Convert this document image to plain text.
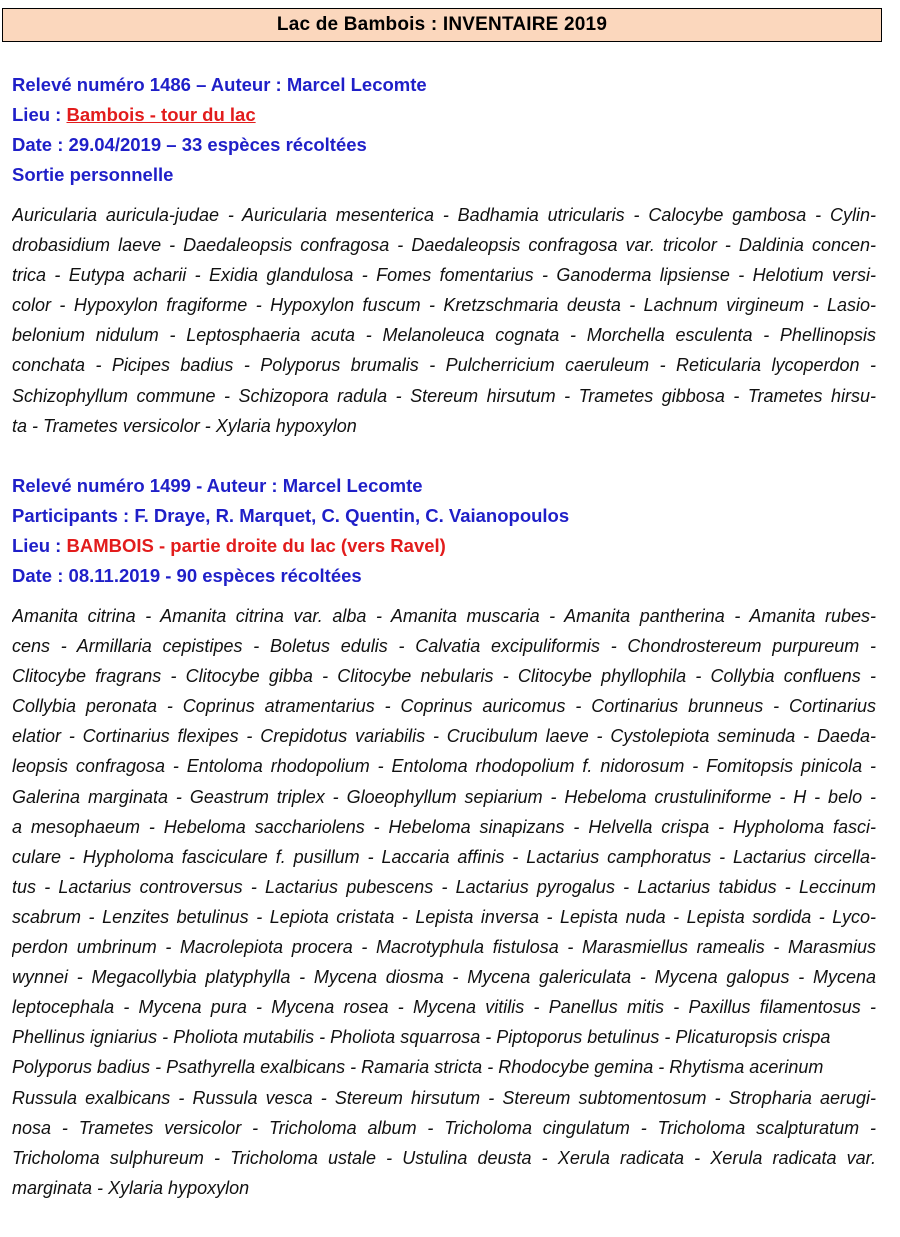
Lac de Bambois : INVENTAIRE 2019
Relevé numéro 1486 – Auteur : Marcel Lecomte
Lieu : Bambois - tour du lac
Date : 29.04/2019 – 33 espèces récoltées
Sortie personnelle
Auricularia auricula-judae - Auricularia mesenterica - Badhamia utricularis - Calocybe gambosa - Cylin-
drobasidium laeve - Daedaleopsis confragosa - Daedaleopsis confragosa var. tricolor - Daldinia concen-
trica - Eutypa acharii - Exidia glandulosa - Fomes fomentarius - Ganoderma lipsiense - Helotium versi-
color - Hypoxylon fragiforme - Hypoxylon fuscum - Kretzschmaria deusta - Lachnum virgineum - Lasio-
belonium nidulum - Leptosphaeria acuta - Melanoleuca cognata - Morchella esculenta - Phellinopsis
conchata - Picipes badius - Polyporus brumalis - Pulcherricium caeruleum - Reticularia lycoperdon -
Schizophyllum commune - Schizopora radula - Stereum hirsutum - Trametes gibbosa - Trametes hirsu-
ta - Trametes versicolor - Xylaria hypoxylon
Relevé numéro 1499 - Auteur : Marcel Lecomte
Participants : F. Draye, R. Marquet, C. Quentin, C. Vaianopoulos
Lieu : BAMBOIS - partie droite du lac (vers Ravel)
Date : 08.11.2019 - 90 espèces récoltées
Amanita citrina - Amanita citrina var. alba - Amanita muscaria - Amanita pantherina - Amanita rubes-
cens - Armillaria cepistipes - Boletus edulis - Calvatia excipuliformis - Chondrostereum purpureum -
Clitocybe fragrans - Clitocybe gibba - Clitocybe nebularis - Clitocybe phyllophila - Collybia confluens -
Collybia peronata - Coprinus atramentarius - Coprinus auricomus - Cortinarius brunneus - Cortinarius
elatior - Cortinarius flexipes - Crepidotus variabilis - Crucibulum laeve - Cystolepiota seminuda - Daeda-
leopsis confragosa - Entoloma rhodopolium - Entoloma rhodopolium f. nidorosum - Fomitopsis pinicola -
Galerina marginata - Geastrum triplex - Gloeophyllum sepiarium - Hebeloma crustuliniforme - H - belo -
a mesophaeum - Hebeloma sacchariolens - Hebeloma sinapizans - Helvella crispa - Hypholoma fasci-
culare - Hypholoma fasciculare f. pusillum - Laccaria affinis - Lactarius camphoratus - Lactarius circella-
tus - Lactarius controversus - Lactarius pubescens - Lactarius pyrogalus - Lactarius tabidus - Leccinum
scabrum - Lenzites betulinus - Lepiota cristata - Lepista inversa - Lepista nuda - Lepista sordida - Lyco-
perdon umbrinum - Macrolepiota procera - Macrotyphula fistulosa - Marasmiellus ramealis - Marasmius
wynnei - Megacollybia platyphylla - Mycena diosma - Mycena galericulata - Mycena galopus - Mycena
leptocephala - Mycena pura - Mycena rosea - Mycena vitilis - Panellus mitis - Paxillus filamentosus -
Phellinus igniarius - Pholiota mutabilis - Pholiota squarrosa - Piptoporus betulinus - Plicaturopsis crispa
Polyporus badius - Psathyrella exalbicans - Ramaria stricta - Rhodocybe gemina - Rhytisma acerinum
Russula exalbicans - Russula vesca - Stereum hirsutum - Stereum subtomentosum - Stropharia aerugi-
nosa - Trametes versicolor - Tricholoma album - Tricholoma cingulatum - Tricholoma scalpturatum -
Tricholoma sulphureum - Tricholoma ustale - Ustulina deusta - Xerula radicata - Xerula radicata var.
marginata - Xylaria hypoxylon
